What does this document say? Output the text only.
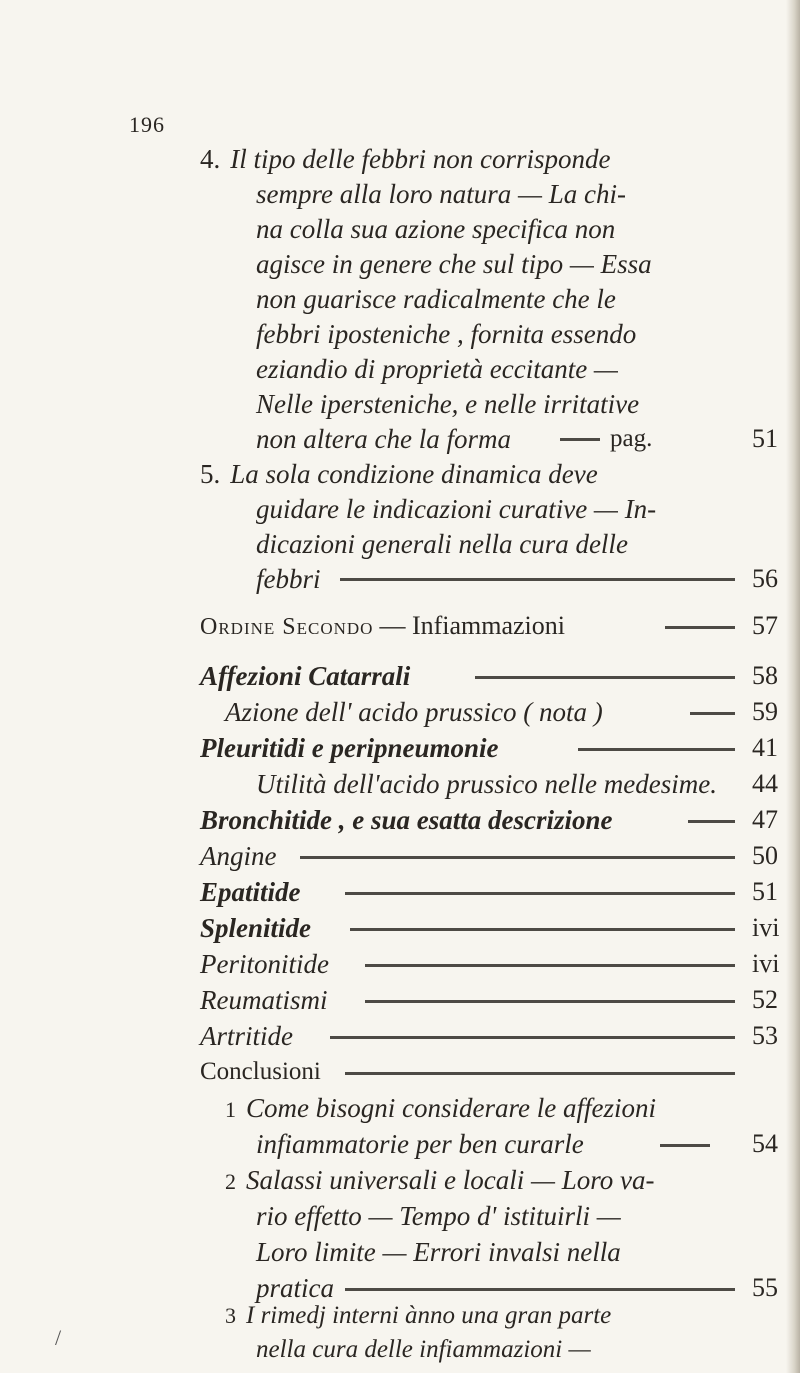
196
4. Il tipo delle febbri non corrisponde
sempre alla loro natura — La chi-
na colla sua azione specifica non
agisce in genere che sul tipo — Essa
non guarisce radicalmente che le
febbri iposteniche , fornita essendo
eziandio di proprietà eccitante —
Nelle ipersteniche, e nelle irritative
non altera che la forma	pag.	51
5. La sola condizione dinamica deve
guidare le indicazioni curative — In-
dicazioni generali nella cura delle
febbri	56
Ordine Secondo — Infiammazioni	57
Affezioni Catarrali	58
Azione dell' acido prussico ( nota )	59
Pleuritidi e peripneumonie	41
Utilità dell'acido prussico nelle medesime. 44
Bronchitide , e sua esatta descrizione	47
Angine	50
Epatitide	51
Splenitide	ivi
Peritonitide	ivi
Reumatismi	52
Artritide	53
Conclusioni
1 Come bisogni considerare le affezioni
infiammatorie per ben curarle	54
2 Salassi universali e locali — Loro va-
rio effetto — Tempo d' istituirli —
Loro limite — Errori invalsi nella
pratica	55
3 I rimedj interni ànno una gran parte
nella cura delle infiammazioni —
/
